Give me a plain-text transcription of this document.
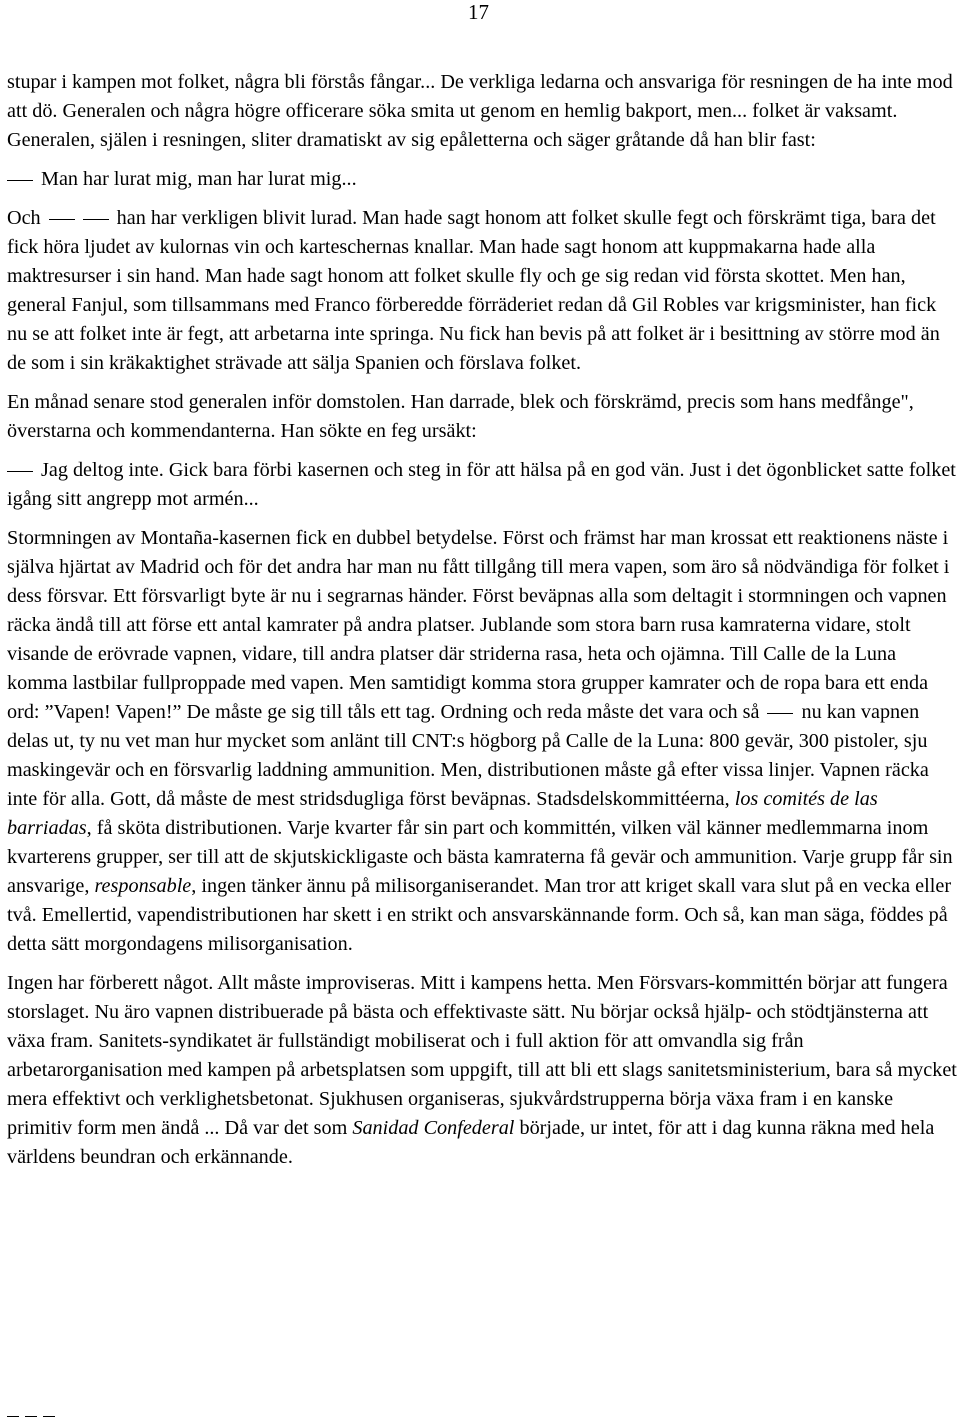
17

stupar i kampen mot folket, några bli förstås fångar... De verkliga ledarna och ansvariga för resningen de ha inte mod att dö. Generalen och några högre officerare söka smita ut genom en hemlig bakport, men... folket är vaksamt. Generalen, själen i resningen, sliter dramatiskt av sig epåletterna och säger gråtande då han blir fast:

Man har lurat mig, man har lurat mig...

Och	han har verkligen blivit lurad. Man hade sagt honom att folket skulle fegt och förskrämt tiga, bara det fick höra ljudet av kulornas vin och karteschernas knallar. Man hade sagt honom att kuppmakarna hade alla maktresurser i sin hand. Man hade sagt honom att folket skulle fly och ge sig redan vid första skottet. Men han, general Fanjul, som tillsammans med Franco förberedde förräderiet redan då Gil Robles var krigsminister, han fick nu se att folket inte är fegt, att arbetarna inte springa. Nu fick han bevis på att folket är i besittning av större mod än de som i sin kräkaktighet strävade att sälja Spanien och förslava folket.

En månad senare stod generalen inför domstolen. Han darrade, blek och förskrämd, precis som hans medfånge", överstarna och kommendanterna. Han sökte en feg ursäkt:

Jag deltog inte. Gick bara förbi kasernen och steg in för att hälsa på en god vän. Just i det ögonblicket satte folket igång sitt angrepp mot armén...

Stormningen av Montaña-kasernen fick en dubbel betydelse. Först och främst har man krossat ett reaktionens näste i själva hjärtat av Madrid och för det andra har man nu fått tillgång till mera vapen, som äro så nödvändiga för folket i dess försvar. Ett försvarligt byte är nu i segrarnas händer. Först beväpnas alla som deltagit i stormningen och vapnen räcka ändå till att förse ett antal kamrater på andra platser. Jublande som stora barn rusa kamraterna vidare, stolt visande de erövrade vapnen, vidare, till andra platser där striderna rasa, heta och ojämna. Till Calle de la Luna komma lastbilar fullproppade med vapen. Men samtidigt komma stora grupper kamrater och de ropa bara ett enda ord: ”Vapen! Vapen!” De måste ge sig till tåls ett tag. Ordning och reda måste det vara och så nu kan vapnen delas ut, ty nu vet man hur mycket som anlänt till CNT:s högborg på Calle de la Luna: 800 gevär, 300 pistoler, sju maskingevär och en försvarlig laddning ammunition. Men, distributionen måste gå efter vissa linjer. Vapnen räcka inte för alla. Gott, då måste de mest stridsdugliga först beväpnas. Stadsdelskommittéerna, los comités de las barriadas, få sköta distributionen. Varje kvarter får sin part och kommittén, vilken väl känner medlemmarna inom kvarterens grupper, ser till att de skjutskickligaste och bästa kamraterna få gevär och ammunition. Varje grupp får sin ansvarige, responsable, ingen tänker ännu på milisorganiserandet. Man tror att kriget skall vara slut på en vecka eller två. Emellertid, vapendistributionen har skett i en strikt och ansvarskännande form. Och så, kan man säga, föddes på detta sätt morgondagens milisorganisation.

Ingen har förberett något. Allt måste improviseras. Mitt i kampens hetta. Men Försvars-kommittén börjar att fungera storslaget. Nu äro vapnen distribuerade på bästa och effektivaste sätt. Nu börjar också hjälp- och stödtjänsterna att växa fram. Sanitets-syndikatet är fullständigt mobiliserat och i full aktion för att omvandla sig från arbetarorganisation med kampen på arbetsplatsen som uppgift, till att bli ett slags sanitetsministerium, bara så mycket mera effektivt och verklighetsbetonat. Sjukhusen organiseras, sjukvårdstrupperna börja växa fram i en kanske primitiv form men ändå ... Då var det som Sanidad Confederal började, ur intet, för att i dag kunna räkna med hela världens beundran och erkännande.
